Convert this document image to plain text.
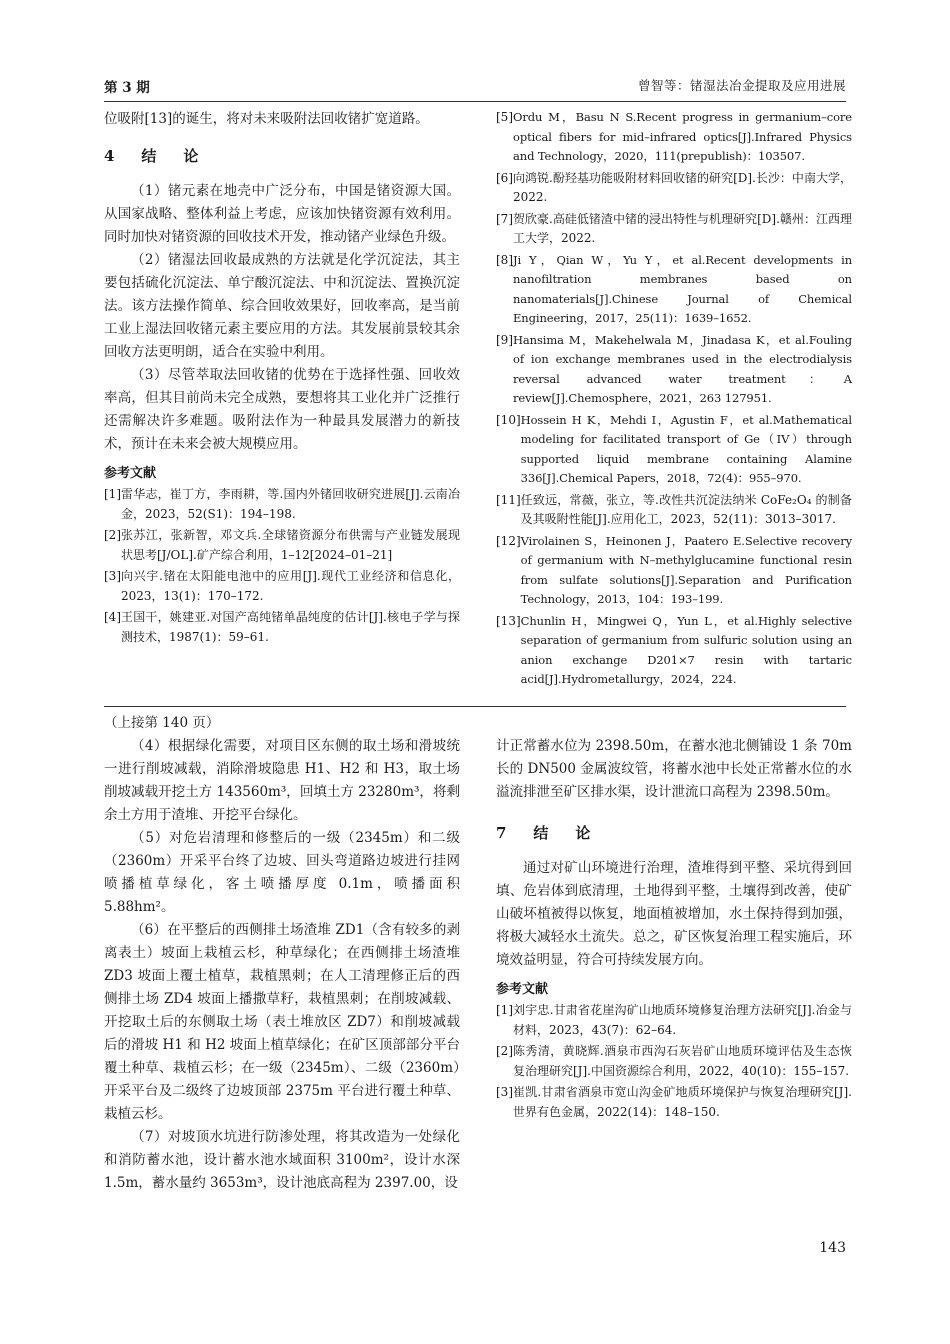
第 3 期	曾智等：锗湿法冶金提取及应用进展

位吸附[13]的诞生，将对未来吸附法回收锗扩宽道路。

4　结　论

（1）锗元素在地壳中广泛分布，中国是锗资源大国。从国家战略、整体利益上考虑，应该加快锗资源有效利用。同时加快对锗资源的回收技术开发，推动锗产业绿色升级。

（2）锗湿法回收最成熟的方法就是化学沉淀法，其主要包括硫化沉淀法、单宁酸沉淀法、中和沉淀法、置换沉淀法。该方法操作简单、综合回收效果好，回收率高，是当前工业上湿法回收锗元素主要应用的方法。其发展前景较其余回收方法更明朗，适合在实验中利用。

（3）尽管萃取法回收锗的优势在于选择性强、回收效率高，但其目前尚未完全成熟，要想将其工业化并广泛推行还需解决许多难题。吸附法作为一种最具发展潜力的新技术，预计在未来会被大规模应用。

参考文献
[1] 雷华志，崔丁方，李雨耕，等.国内外锗回收研究进展[J].云南冶金，2023，52(S1)：194–198.
[2] 张苏江，张新智，邓文兵.全球锗资源分布供需与产业链发展现状思考[J/OL].矿产综合利用，1–12[2024–01–21]
[3] 向兴宇.锗在太阳能电池中的应用[J].现代工业经济和信息化，2023，13(1)：170–172.
[4] 王国干，姚建亚.对国产高纯锗单晶纯度的估计[J].核电子学与探测技术，1987(1)：59–61.
[5] Ordu M，Basu N S.Recent progress in germanium–core optical fibers for mid–infrared optics[J].Infrared Physics and Technology，2020，111(prepublish)：103507.
[6] 向鸿锐.酚羟基功能吸附材料回收锗的研究[D].长沙：中南大学，2022.
[7] 贺欣豪.高硅低锗渣中锗的浸出特性与机理研究[D].赣州：江西理工大学，2022.
[8] Ji Y，Qian W，Yu Y，et al.Recent developments in nanofiltration membranes based on nanomaterials[J].Chinese Journal of Chemical Engineering，2017，25(11)：1639–1652.
[9] Hansima M，Makehelwala M，Jinadasa K，et al.Fouling of ion exchange membranes used in the electrodialysis reversal advanced water treatment：A review[J].Chemosphere，2021，263 127951.
[10] Hossein H K，Mehdi I，Agustin F，et al.Mathematical modeling for facilitated transport of Ge（IV）through supported liquid membrane containing Alamine 336[J].Chemical Papers，2018，72(4)：955–970.
[11] 任致远，常薇，张立，等.改性共沉淀法纳米 CoFe₂O₄ 的制备及其吸附性能[J].应用化工，2023，52(11)：3013–3017.
[12] Virolainen S，Heinonen J，Paatero E.Selective recovery of germanium with N–methylglucamine functional resin from sulfate solutions[J].Separation and Purification Technology，2013，104：193–199.
[13] Chunlin H，Mingwei Q，Yun L，et al.Highly selective separation of germanium from sulfuric solution using an anion exchange D201×7 resin with tartaric acid[J].Hydrometallurgy，2024，224.
（上接第 140 页）

（4）根据绿化需要，对项目区东侧的取土场和滑坡统一进行削坡减载，消除滑坡隐患 H1、H2 和 H3，取土场削坡减载开挖土方 143560m³，回填土方 23280m³，将剩余土方用于渣堆、开挖平台绿化。

（5）对危岩清理和修整后的一级（2345m）和二级（2360m）开采平台终了边坡、回头弯道路边坡进行挂网喷播植草绿化，客土喷播厚度 0.1m，喷播面积 5.88hm²。

（6）在平整后的西侧排土场渣堆 ZD1（含有较多的剥离表土）坡面上栽植云杉，种草绿化；在西侧排土场渣堆 ZD3 坡面上覆土植草，栽植黑刺；在人工清理修正后的西侧排土场 ZD4 坡面上播撒草籽，栽植黑刺；在削坡减载、开挖取土后的东侧取土场（表土堆放区 ZD7）和削坡减载后的滑坡 H1 和 H2 坡面上植草绿化；在矿区顶部部分平台覆土种草、栽植云杉；在一级（2345m）、二级（2360m）开采平台及二级终了边坡顶部 2375m 平台进行覆土种草、栽植云杉。

（7）对坡顶水坑进行防渗处理，将其改造为一处绿化和消防蓄水池，设计蓄水池水域面积 3100m²，设计水深 1.5m，蓄水量约 3653m³，设计池底高程为 2397.00，设

计正常蓄水位为 2398.50m，在蓄水池北侧铺设 1 条 70m 长的 DN500 金属波纹管，将蓄水池中长处正常蓄水位的水溢流排泄至矿区排水渠，设计泄流口高程为 2398.50m。

7　结　论

通过对矿山环境进行治理，渣堆得到平整、采坑得到回填、危岩体到底清理，土地得到平整，土壤得到改善，使矿山破坏植被得以恢复，地面植被增加，水土保持得到加强，将极大减轻水土流失。总之，矿区恢复治理工程实施后，环境效益明显，符合可持续发展方向。

参考文献
[1] 刘宇忠.甘肃省花崖沟矿山地质环境修复治理方法研究[J].冶金与材料，2023，43(7)：62–64.
[2] 陈秀清，黄晓辉.酒泉市西沟石灰岩矿山地质环境评估及生态恢复治理研究[J].中国资源综合利用，2022，40(10)：155–157.
[3] 崔凯.甘肃省酒泉市宽山沟金矿地质环境保护与恢复治理研究[J].世界有色金属，2022(14)：148–150.
143
